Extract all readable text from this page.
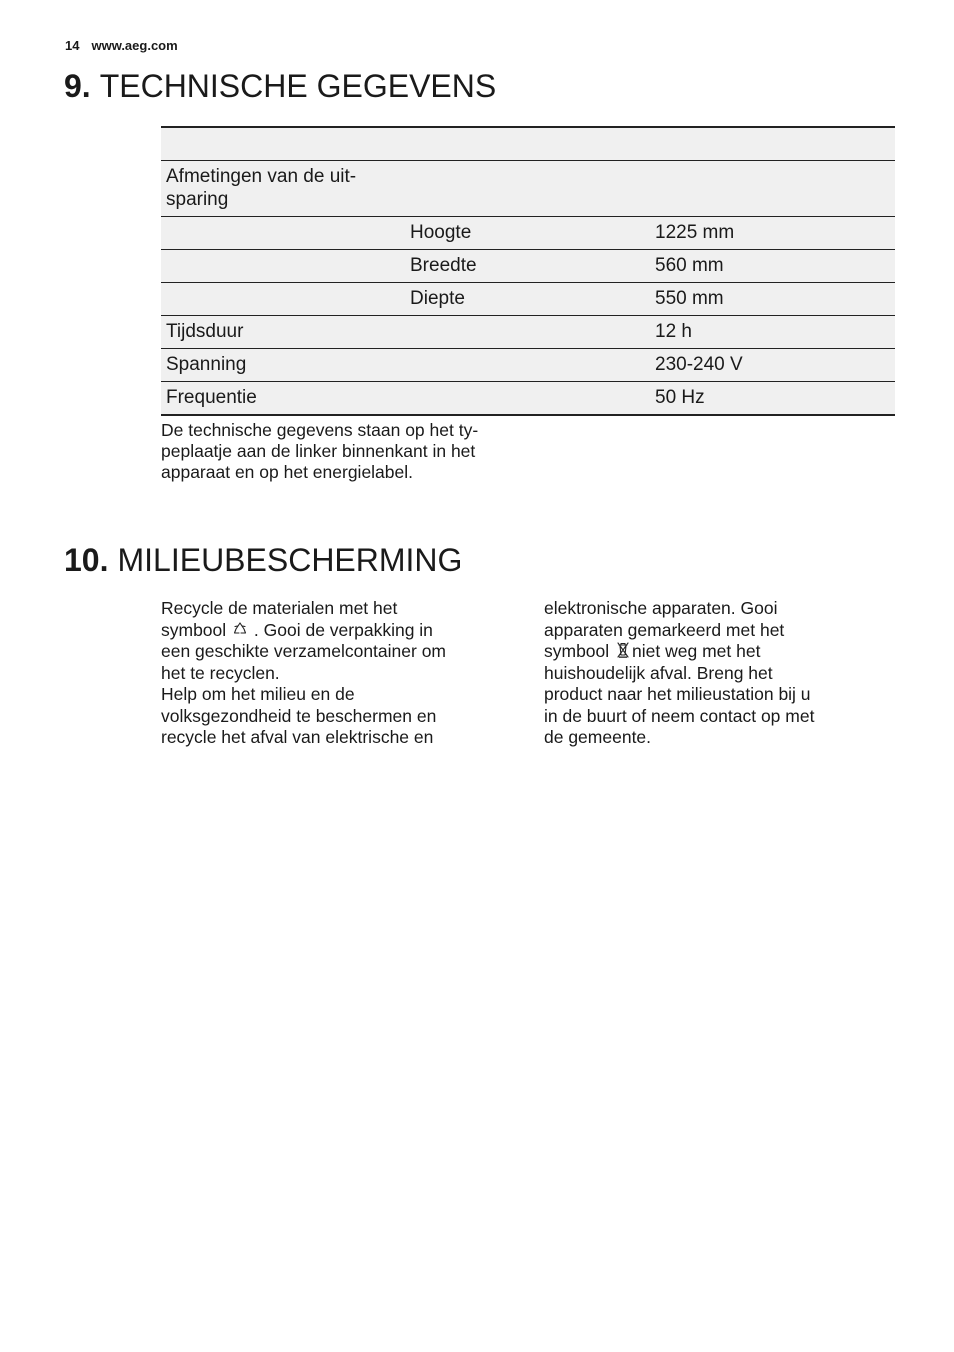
14 www.aeg.com
9. TECHNISCHE GEGEVENS
Afmetingen van de uit-
sparing
Hoogte	1225 mm
Breedte	560 mm
Diepte	550 mm
Tijdsduur	12 h
Spanning	230-240 V
Frequentie	50 Hz
De technische gegevens staan op het ty-
peplaatje aan de linker binnenkant in het
apparaat en op het energielabel.
10. MILIEUBESCHERMING
Recycle de materialen met het
symbool . Gooi de verpakking in
een geschikte verzamelcontainer om
het te recyclen.
Help om het milieu en de
volksgezondheid te beschermen en
recycle het afval van elektrische en
elektronische apparaten. Gooi
apparaten gemarkeerd met het
symbool niet weg met het
huishoudelijk afval. Breng het
product naar het milieustation bij u
in de buurt of neem contact op met
de gemeente.
